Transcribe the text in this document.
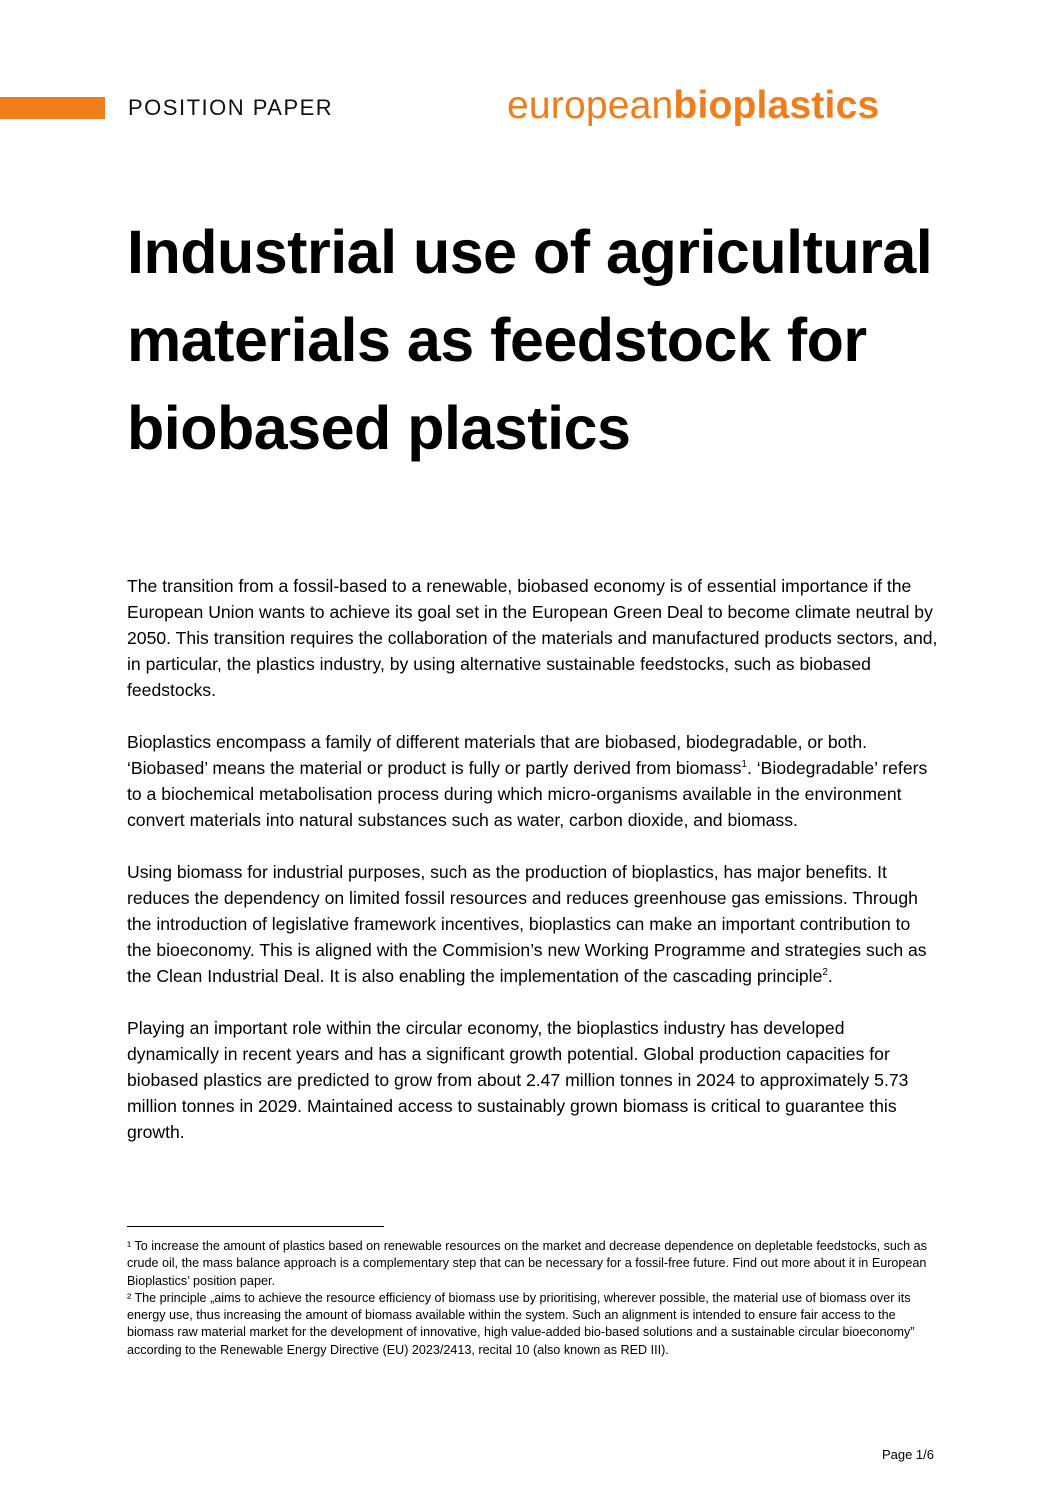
POSITION PAPER	europeanbioplastics
Industrial use of agricultural materials as feedstock for biobased plastics

The transition from a fossil-based to a renewable, biobased economy is of essential importance if the European Union wants to achieve its goal set in the European Green Deal to become climate neutral by 2050. This transition requires the collaboration of the materials and manufactured products sectors, and, in particular, the plastics industry, by using alternative sustainable feedstocks, such as biobased feedstocks.

Bioplastics encompass a family of different materials that are biobased, biodegradable, or both. ‘Biobased’ means the material or product is fully or partly derived from biomass$^1$. ‘Biodegradable’ refers to a biochemical metabolisation process during which micro-organisms available in the environment convert materials into natural substances such as water, carbon dioxide, and biomass.

Using biomass for industrial purposes, such as the production of bioplastics, has major benefits. It reduces the dependency on limited fossil resources and reduces greenhouse gas emissions. Through the introduction of legislative framework incentives, bioplastics can make an important contribution to the bioeconomy. This is aligned with the Commision’s new Working Programme and strategies such as the Clean Industrial Deal. It is also enabling the implementation of the cascading principle$^2$.

Playing an important role within the circular economy, the bioplastics industry has developed dynamically in recent years and has a significant growth potential. Global production capacities for biobased plastics are predicted to grow from about 2.47 million tonnes in 2024 to approximately 5.73 million tonnes in 2029. Maintained access to sustainably grown biomass is critical to guarantee this growth.

¹ To increase the amount of plastics based on renewable resources on the market and decrease dependence on depletable feedstocks, such as crude oil, the mass balance approach is a complementary step that can be necessary for a fossil-free future. Find out more about it in European Bioplastics’ position paper.

² The principle „aims to achieve the resource efficiency of biomass use by prioritising, wherever possible, the material use of biomass over its energy use, thus increasing the amount of biomass available within the system. Such an alignment is intended to ensure fair access to the biomass raw material market for the development of innovative, high value-added bio-based solutions and a sustainable circular bioeconomy” according to the Renewable Energy Directive (EU) 2023/2413, recital 10 (also known as RED III).

Page 1/6
